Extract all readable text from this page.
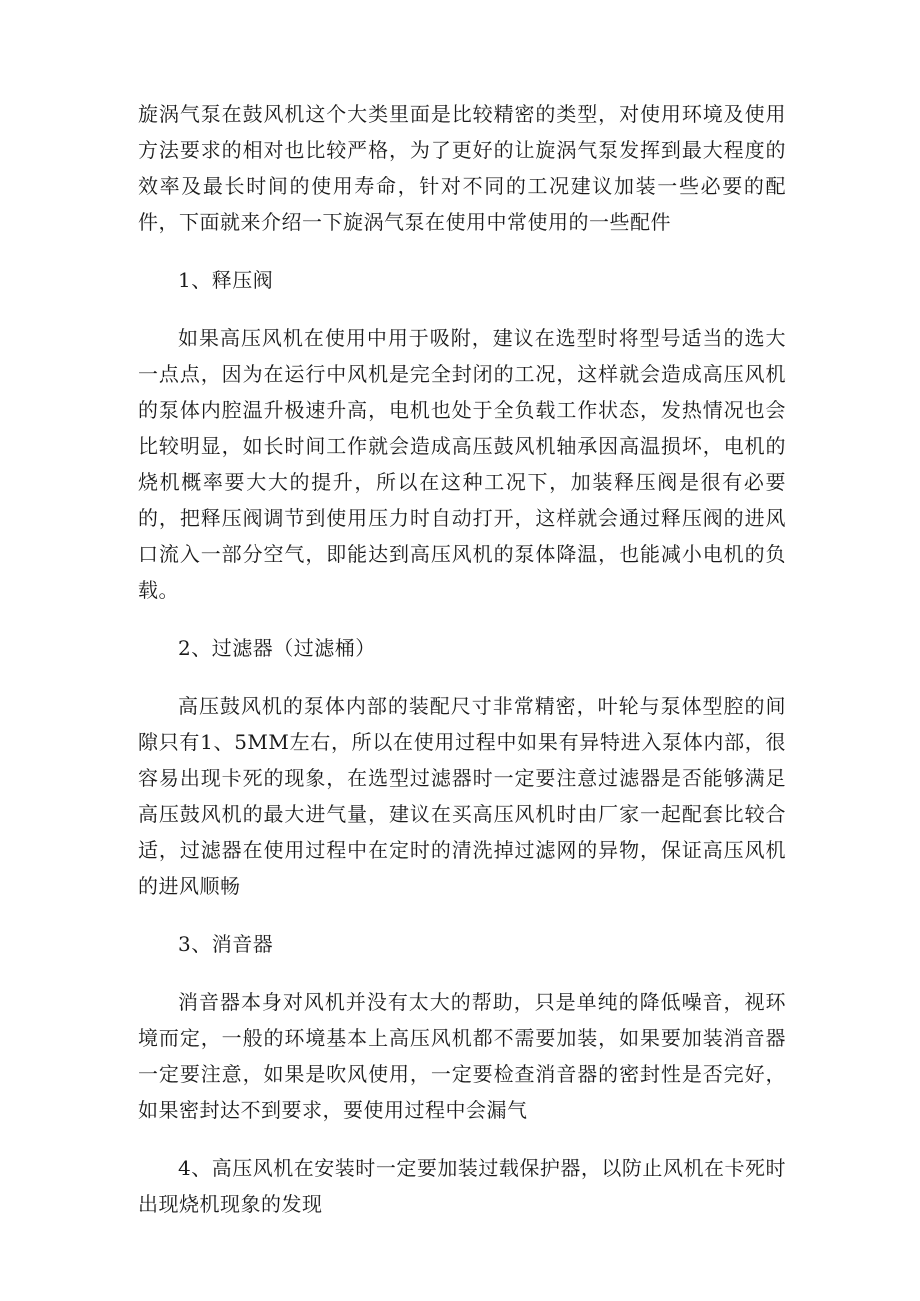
旋涡气泵在鼓风机这个大类里面是比较精密的类型，对使用环境及使用方法要求的相对也比较严格，为了更好的让旋涡气泵发挥到最大程度的效率及最长时间的使用寿命，针对不同的工况建议加装一些必要的配件，下面就来介绍一下旋涡气泵在使用中常使用的一些配件

1、释压阀

如果高压风机在使用中用于吸附，建议在选型时将型号适当的选大一点点，因为在运行中风机是完全封闭的工况，这样就会造成高压风机的泵体内腔温升极速升高，电机也处于全负载工作状态，发热情况也会比较明显，如长时间工作就会造成高压鼓风机轴承因高温损坏，电机的烧机概率要大大的提升，所以在这种工况下，加装释压阀是很有必要的，把释压阀调节到使用压力时自动打开，这样就会通过释压阀的进风口流入一部分空气，即能达到高压风机的泵体降温，也能减小电机的负载。

2、过滤器（过滤桶）

高压鼓风机的泵体内部的装配尺寸非常精密，叶轮与泵体型腔的间隙只有1、5MM左右，所以在使用过程中如果有异特进入泵体内部，很容易出现卡死的现象，在选型过滤器时一定要注意过滤器是否能够满足高压鼓风机的最大进气量，建议在买高压风机时由厂家一起配套比较合适，过滤器在使用过程中在定时的清洗掉过滤网的异物，保证高压风机的进风顺畅

3、消音器

消音器本身对风机并没有太大的帮助，只是单纯的降低噪音，视环境而定，一般的环境基本上高压风机都不需要加装，如果要加装消音器一定要注意，如果是吹风使用，一定要检查消音器的密封性是否完好，如果密封达不到要求，要使用过程中会漏气

4、高压风机在安装时一定要加装过载保护器，以防止风机在卡死时出现烧机现象的发现
